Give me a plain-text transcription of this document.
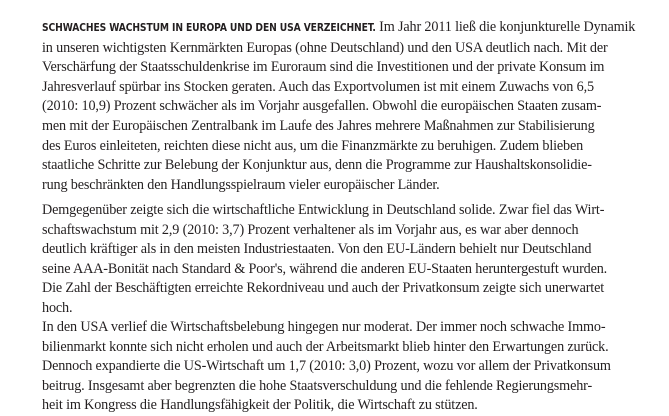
SCHWACHES WACHSTUM IN EUROPA UND DEN USA VERZEICHNET. Im Jahr 2011 ließ die konjunkturelle Dynamik
in unseren wichtigsten Kernmärkten Europas (ohne Deutschland) und den USA deutlich nach. Mit der
Verschärfung der Staatsschuldenkrise im Euroraum sind die Investitionen und der private Konsum im
Jahresverlauf spürbar ins Stocken geraten. Auch das Exportvolumen ist mit einem Zuwachs von 6,5
(2010: 10,9) Prozent schwächer als im Vorjahr ausgefallen. Obwohl die europäischen Staaten zusam-
men mit der Europäischen Zentralbank im Laufe des Jahres mehrere Maßnahmen zur Stabilisierung
des Euros einleiteten, reichten diese nicht aus, um die Finanzmärkte zu beruhigen. Zudem blieben
staatliche Schritte zur Belebung der Konjunktur aus, denn die Programme zur Haushaltskonsolidie-
rung beschränkten den Handlungsspielraum vieler europäischer Länder.

Demgegenüber zeigte sich die wirtschaftliche Entwicklung in Deutschland solide. Zwar fiel das Wirt-
schaftswachstum mit 2,9 (2010: 3,7) Prozent verhaltener als im Vorjahr aus, es war aber dennoch
deutlich kräftiger als in den meisten Industriestaaten. Von den EU-Ländern behielt nur Deutschland
seine AAA-Bonität nach Standard & Poor's, während die anderen EU-Staaten heruntergestuft wurden.
Die Zahl der Beschäftigten erreichte Rekordniveau und auch der Privatkonsum zeigte sich unerwartet
hoch.

In den USA verlief die Wirtschaftsbelebung hingegen nur moderat. Der immer noch schwache Immo-
bilienmarkt konnte sich nicht erholen und auch der Arbeitsmarkt blieb hinter den Erwartungen zurück.
Dennoch expandierte die US-Wirtschaft um 1,7 (2010: 3,0) Prozent, wozu vor allem der Privatkonsum
beitrug. Insgesamt aber begrenzten die hohe Staatsverschuldung und die fehlende Regierungsmehr-
heit im Kongress die Handlungsfähigkeit der Politik, die Wirtschaft zu stützen.
